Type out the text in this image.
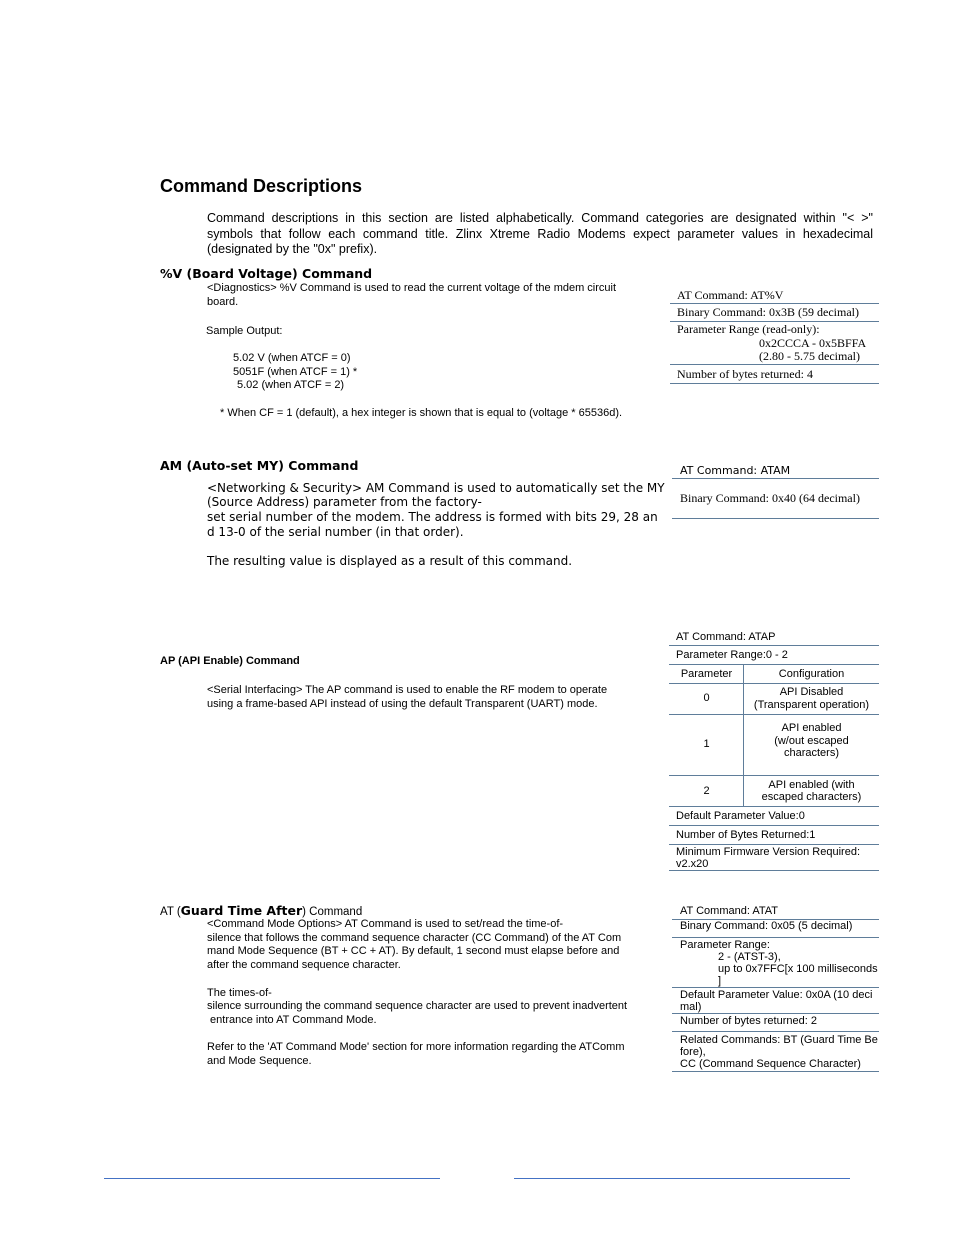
Command Descriptions
Command descriptions in this section are listed alphabetically. Command categories are designated within "< >" symbols that follow each command title. Zlinx Xtreme Radio Modems expect parameter values in hexadecimal (designated by the "0x" prefix).
%V (Board Voltage) Command
<Diagnostics> %V Command is used to read the current voltage of the mdem circuit
board.
Sample Output:
5.02 V (when ATCF = 0)
5051F (when ATCF = 1) *
5.02 (when ATCF = 2)
* When CF = 1 (default), a hex integer is shown that is equal to (voltage * 65536d).
AT Command: AT%V
Binary Command: 0x3B (59 decimal)
Parameter Range (read-only):
0x2CCCA - 0x5BFFA
(2.80 - 5.75 decimal)
Number of bytes returned: 4
AM (Auto-set MY) Command
<Networking & Security> AM Command is used to automatically set the MY
(Source Address) parameter from the factory-
set serial number of the modem. The address is formed with bits 29, 28 an
d 13-0 of the serial number (in that order).
The resulting value is displayed as a result of this command.
AT Command: ATAM
Binary Command: 0x40 (64 decimal)
AP (API Enable) Command
<Serial Interfacing> The AP command is used to enable the RF modem to operate
using a frame-based API instead of using the default Transparent (UART) mode.
AT Command: ATAP
Parameter Range:0 - 2
Parameter	Configuration
0	API Disabled
(Transparent operation)
1
API enabled
(w/out escaped
characters)
2	API enabled (with
escaped characters)
Default Parameter Value:0
Number of Bytes Returned:1
Minimum Firmware Version Required:
v2.x20
AT (Guard Time After) Command
<Command Mode Options> AT Command is used to set/read the time-of-
silence that follows the command sequence character (CC Command) of the AT Com
mand Mode Sequence (BT + CC + AT). By default, 1 second must elapse before and
after the command sequence character.
The times-of-
silence surrounding the command sequence character are used to prevent inadvertent
entrance into AT Command Mode.
Refer to the 'AT Command Mode' section for more information regarding the ATComm
and Mode Sequence.
AT Command: ATAT
Binary Command: 0x05 (5 decimal)
Parameter Range:
2 - (ATST-3),
up to 0x7FFC[x 100 milliseconds
]
Default Parameter Value: 0x0A (10 deci
mal)
Number of bytes returned: 2
Related Commands: BT (Guard Time Be
fore),
CC (Command Sequence Character)
